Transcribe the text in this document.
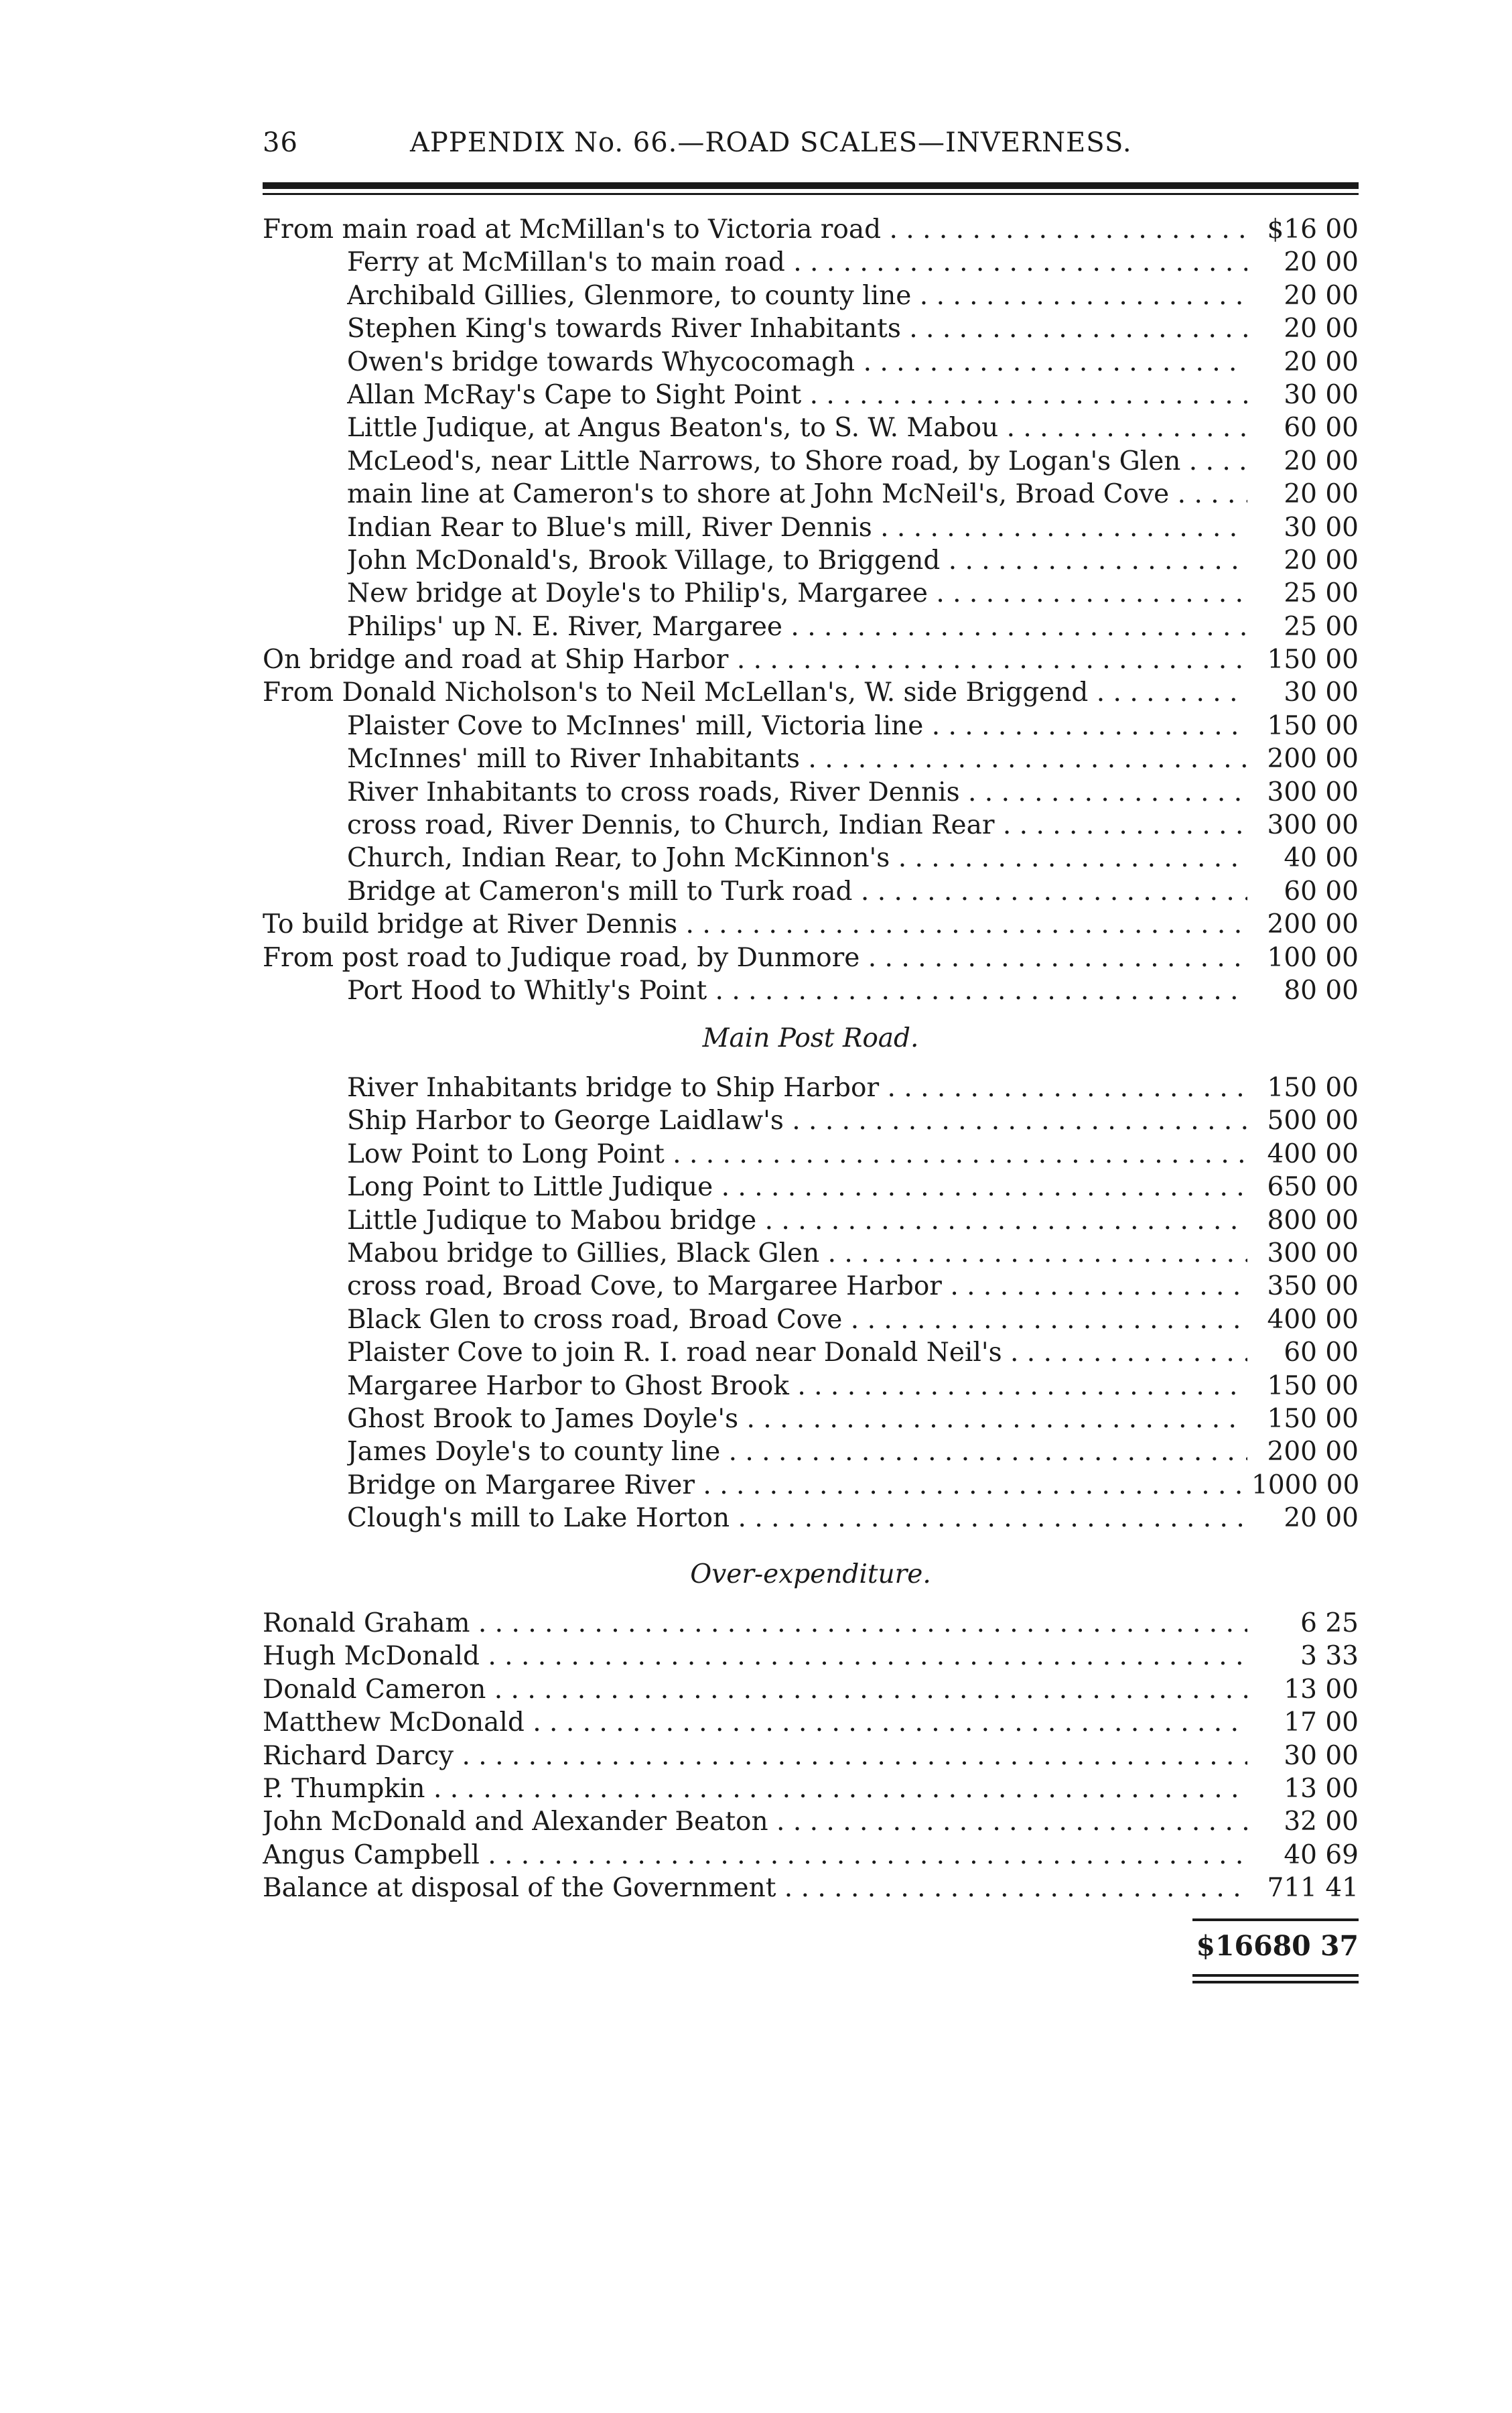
36	APPENDIX No. 66.—ROAD SCALES—INVERNESS.
From main road at McMillan's to Victoria road . . .	$16 00
Ferry at McMillan's to main road . . .	20 00
Archibald Gillies, Glenmore, to county line . . .	20 00
Stephen King's towards River Inhabitants . . .	20 00
Owen's bridge towards Whycocomagh . . .	20 00
Allan McRay's Cape to Sight Point . . .	30 00
Little Judique, at Angus Beaton's, to S. W. Mabou . . .	60 00
McLeod's, near Little Narrows, to Shore road, by Logan's Glen . . .	20 00
main line at Cameron's to shore at John McNeil's, Broad Cove . . .	20 00
Indian Rear to Blue's mill, River Dennis . . .	30 00
John McDonald's, Brook Village, to Briggend . . .	20 00
New bridge at Doyle's to Philip's, Margaree . . .	25 00
Philips' up N. E. River, Margaree . . .	25 00
On bridge and road at Ship Harbor . . .	150 00
From Donald Nicholson's to Neil McLellan's, W. side Briggend . . .	30 00
Plaister Cove to McInnes' mill, Victoria line . . .	150 00
McInnes' mill to River Inhabitants . . .	200 00
River Inhabitants to cross roads, River Dennis . . .	300 00
cross road, River Dennis, to Church, Indian Rear . . .	300 00
Church, Indian Rear, to John McKinnon's . . .	40 00
Bridge at Cameron's mill to Turk road . . .	60 00
To build bridge at River Dennis . . .	200 00
From post road to Judique road, by Dunmore . . .	100 00
Port Hood to Whitly's Point . . .	80 00
Main Post Road.
River Inhabitants bridge to Ship Harbor . . .	150 00
Ship Harbor to George Laidlaw's . . .	500 00
Low Point to Long Point . . .	400 00
Long Point to Little Judique . . .	650 00
Little Judique to Mabou bridge . . .	800 00
Mabou bridge to Gillies, Black Glen . . .	300 00
cross road, Broad Cove, to Margaree Harbor . . .	350 00
Black Glen to cross road, Broad Cove . . .	400 00
Plaister Cove to join R. I. road near Donald Neil's . . .	60 00
Margaree Harbor to Ghost Brook . . .	150 00
Ghost Brook to James Doyle's . . .	150 00
James Doyle's to county line . . .	200 00
Bridge on Margaree River . . .	1000 00
Clough's mill to Lake Horton . . .	20 00
Over-expenditure.
Ronald Graham . . .	6 25
Hugh McDonald . . .	3 33
Donald Cameron . . .	13 00
Matthew McDonald . . .	17 00
Richard Darcy . . .	30 00
P. Thumpkin . . .	13 00
John McDonald and Alexander Beaton . . .	32 00
Angus Campbell . . .	40 69
Balance at disposal of the Government . . .	711 41
$16680 37
